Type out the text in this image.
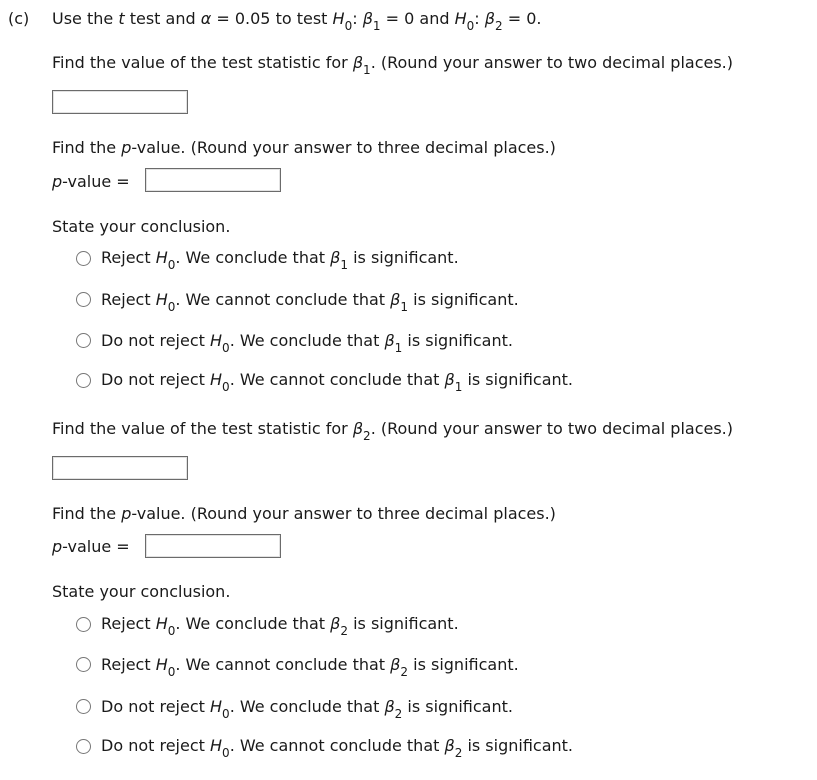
(c) Use the t test and α = 0.05 to test $H_0$: $\beta_1 = 0$ and $H_0$: $\beta_2 = 0$.
Find the value of the test statistic for $\beta_1$. (Round your answer to two decimal places.)
Find the p-value. (Round your answer to three decimal places.)
p-value =
State your conclusion.
Reject $H_0$. We conclude that $\beta_1$ is significant.
Reject $H_0$. We cannot conclude that $\beta_1$ is significant.
Do not reject $H_0$. We conclude that $\beta_1$ is significant.
Do not reject $H_0$. We cannot conclude that $\beta_1$ is significant.
Find the value of the test statistic for $\beta_2$. (Round your answer to two decimal places.)
Find the p-value. (Round your answer to three decimal places.)
p-value =
State your conclusion.
Reject $H_0$. We conclude that $\beta_2$ is significant.
Reject $H_0$. We cannot conclude that $\beta_2$ is significant.
Do not reject $H_0$. We conclude that $\beta_2$ is significant.
Do not reject $H_0$. We cannot conclude that $\beta_2$ is significant.
